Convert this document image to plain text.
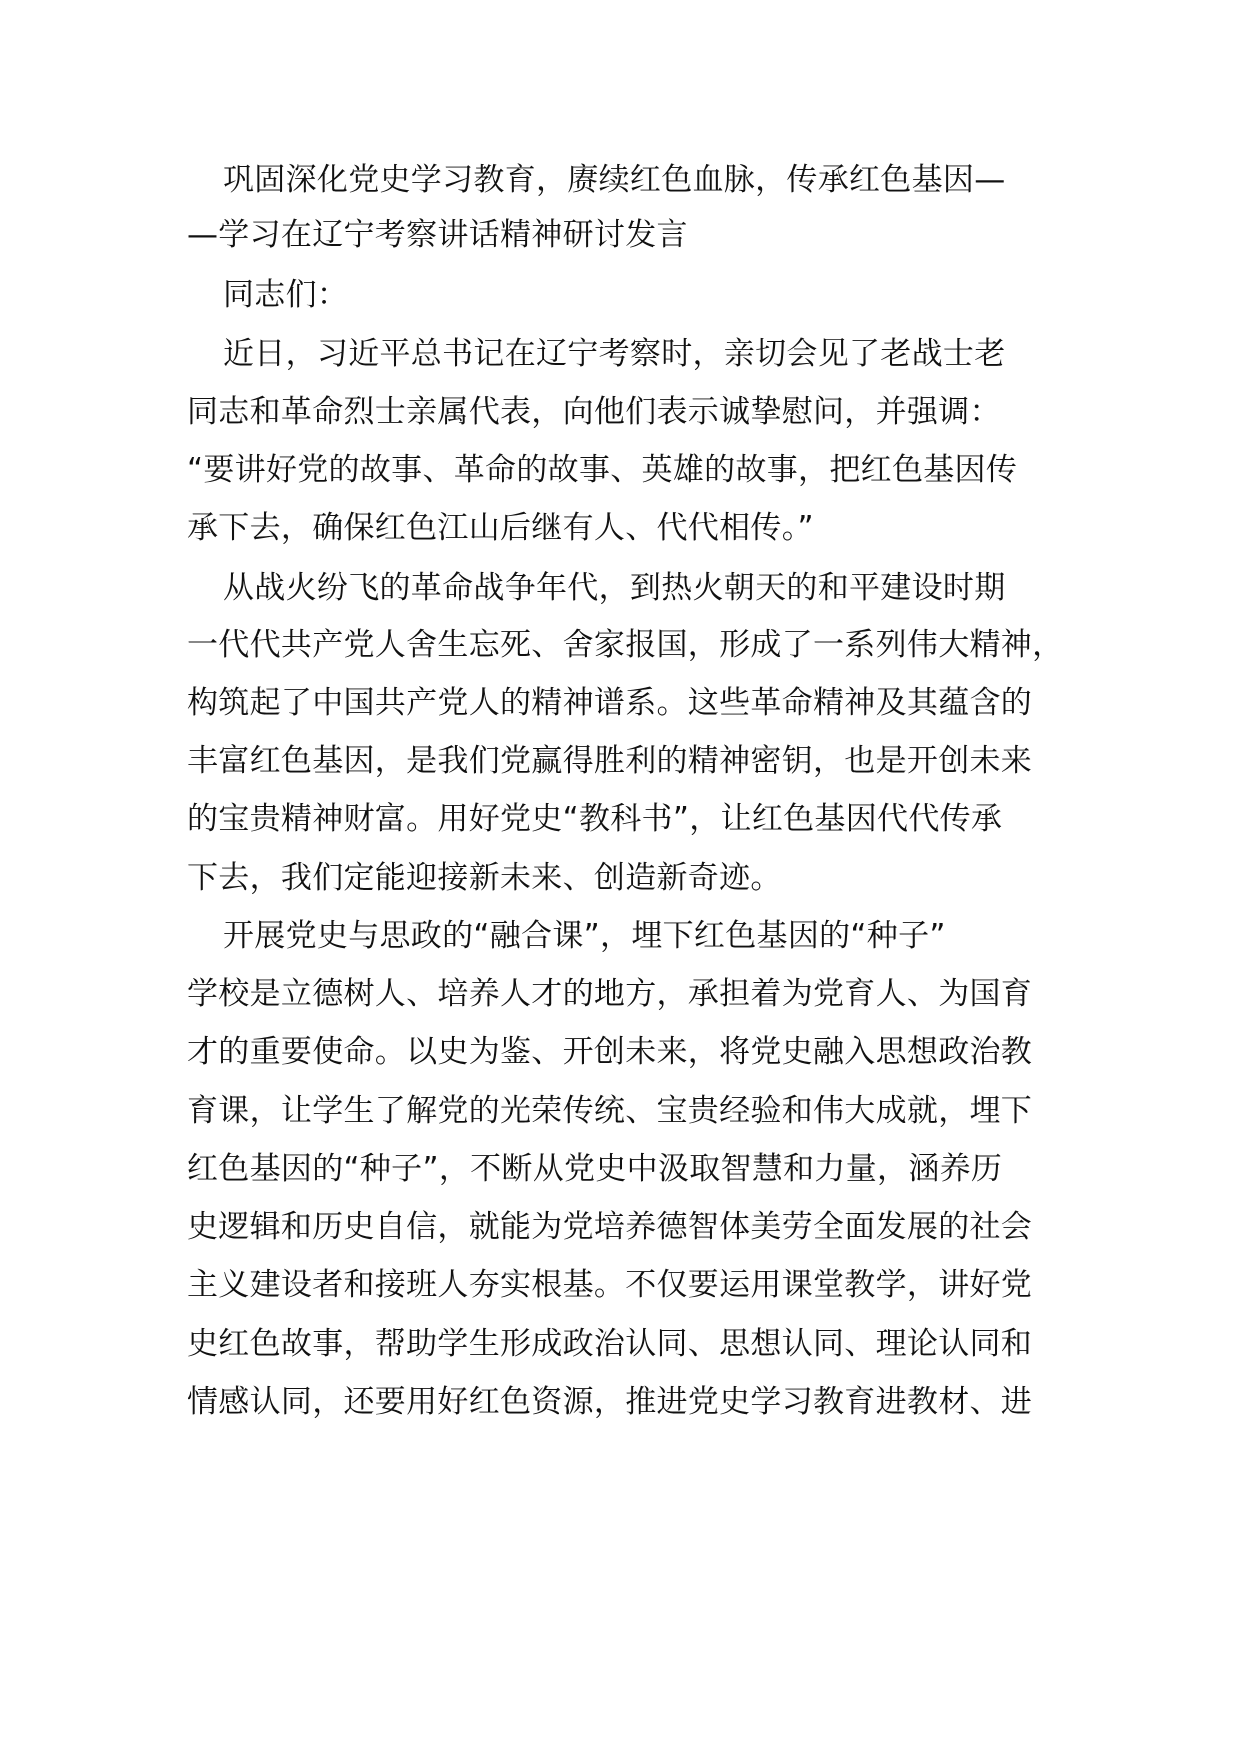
巩固深化党史学习教育，赓续红色血脉，传承红色基因—
—学习在辽宁考察讲话精神研讨发言
同志们：
近日，习近平总书记在辽宁考察时，亲切会见了老战士老
同志和革命烈士亲属代表，向他们表示诚挚慰问，并强调：
“要讲好党的故事、革命的故事、英雄的故事，把红色基因传
承下去，确保红色江山后继有人、代代相传。”
从战火纷飞的革命战争年代，到热火朝天的和平建设时期
一代代共产党人舍生忘死、舍家报国，形成了一系列伟大精神，
构筑起了中国共产党人的精神谱系。这些革命精神及其蕴含的
丰富红色基因，是我们党赢得胜利的精神密钥，也是开创未来
的宝贵精神财富。用好党史“教科书”，让红色基因代代传承
下去，我们定能迎接新未来、创造新奇迹。
开展党史与思政的“融合课”，埋下红色基因的“种子”
学校是立德树人、培养人才的地方，承担着为党育人、为国育
才的重要使命。以史为鉴、开创未来，将党史融入思想政治教
育课，让学生了解党的光荣传统、宝贵经验和伟大成就，埋下
红色基因的“种子”，不断从党史中汲取智慧和力量，涵养历
史逻辑和历史自信，就能为党培养德智体美劳全面发展的社会
主义建设者和接班人夯实根基。不仅要运用课堂教学，讲好党
史红色故事，帮助学生形成政治认同、思想认同、理论认同和
情感认同，还要用好红色资源，推进党史学习教育进教材、进
